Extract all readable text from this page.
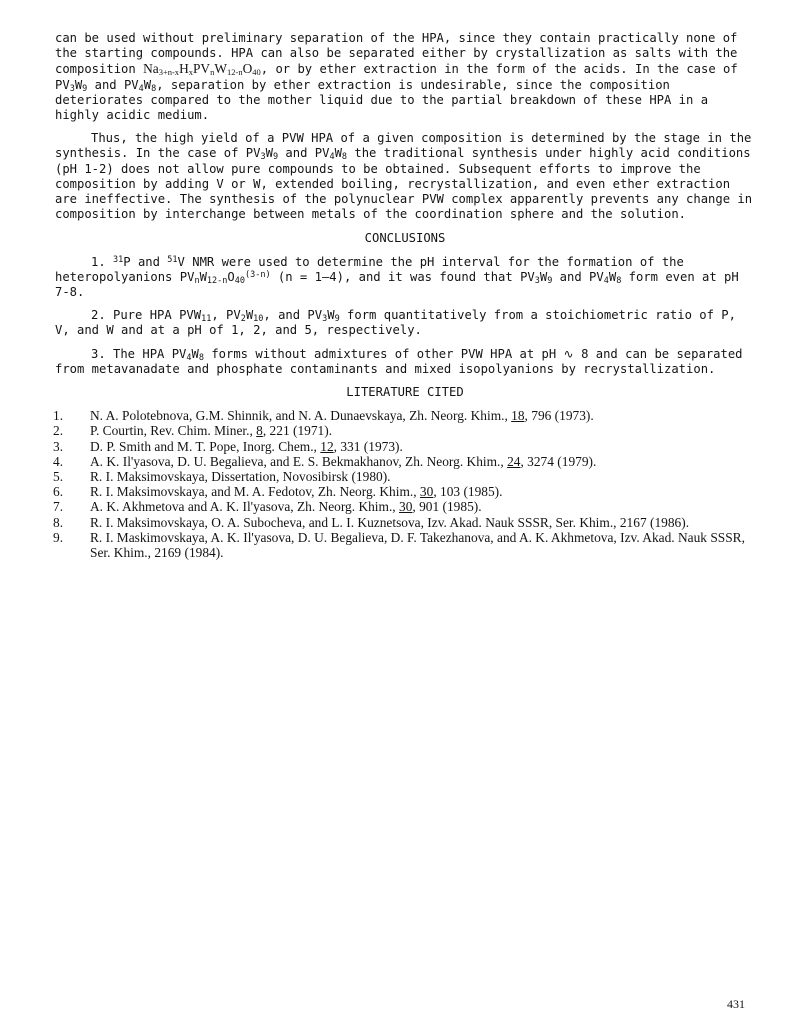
can be used without preliminary separation of the HPA, since they contain practically none of the starting compounds. HPA can also be separated either by crystallization as salts with the composition $Na_{3+n-x}H_xPV_nW_{12-n}O_{40}$, or by ether extraction in the form of the acids. In the case of $PV_3W_9$ and $PV_4W_8$, separation by ether extraction is undesirable, since the composition deteriorates compared to the mother liquid due to the partial breakdown of these HPA in a highly acidic medium.

Thus, the high yield of a PVW HPA of a given composition is determined by the stage in the synthesis. In the case of $PV_3W_9$ and $PV_4W_8$ the traditional synthesis under highly acid conditions (pH 1-2) does not allow pure compounds to be obtained. Subsequent efforts to improve the composition by adding V or W, extended boiling, recrystallization, and even ether extraction are ineffective. The synthesis of the polynuclear PVW complex apparently prevents any change in composition by interchange between metals of the coordination sphere and the solution.

CONCLUSIONS

1. $^{31}$P and $^{51}$V NMR were used to determine the pH interval for the formation of the heteropolyanions $PV_nW_{12-n}O_{40}^{(3-n)}$ (n = 1–4), and it was found that $PV_3W_9$ and $PV_4W_8$ form even at pH 7-8.

2. Pure HPA $PVW_{11}$, $PV_2W_{10}$, and $PV_3W_9$ form quantitatively from a stoichiometric ratio of P, V, and W and at a pH of 1, 2, and 5, respectively.

3. The HPA $PV_4W_8$ forms without admixtures of other PVW HPA at pH ∿ 8 and can be separated from metavanadate and phosphate contaminants and mixed isopolyanions by recrystallization.

LITERATURE CITED

1. N. A. Polotebnova, G.M. Shinnik, and N. A. Dunaevskaya, Zh. Neorg. Khim., 18, 796 (1973).
2. P. Courtin, Rev. Chim. Miner., 8, 221 (1971).
3. D. P. Smith and M. T. Pope, Inorg. Chem., 12, 331 (1973).
4. A. K. Il'yasova, D. U. Begalieva, and E. S. Bekmakhanov, Zh. Neorg. Khim., 24, 3274 (1979).
5. R. I. Maksimovskaya, Dissertation, Novosibirsk (1980).
6. R. I. Maksimovskaya, and M. A. Fedotov, Zh. Neorg. Khim., 30, 103 (1985).
7. A. K. Akhmetova and A. K. Il'yasova, Zh. Neorg. Khim., 30, 901 (1985).
8. R. I. Maksimovskaya, O. A. Subocheva, and L. I. Kuznetsova, Izv. Akad. Nauk SSSR, Ser. Khim., 2167 (1986).
9. R. I. Maskimovskaya, A. K. Il'yasova, D. U. Begalieva, D. F. Takezhanova, and A. K. Akhmetova, Izv. Akad. Nauk SSSR, Ser. Khim., 2169 (1984).
431
